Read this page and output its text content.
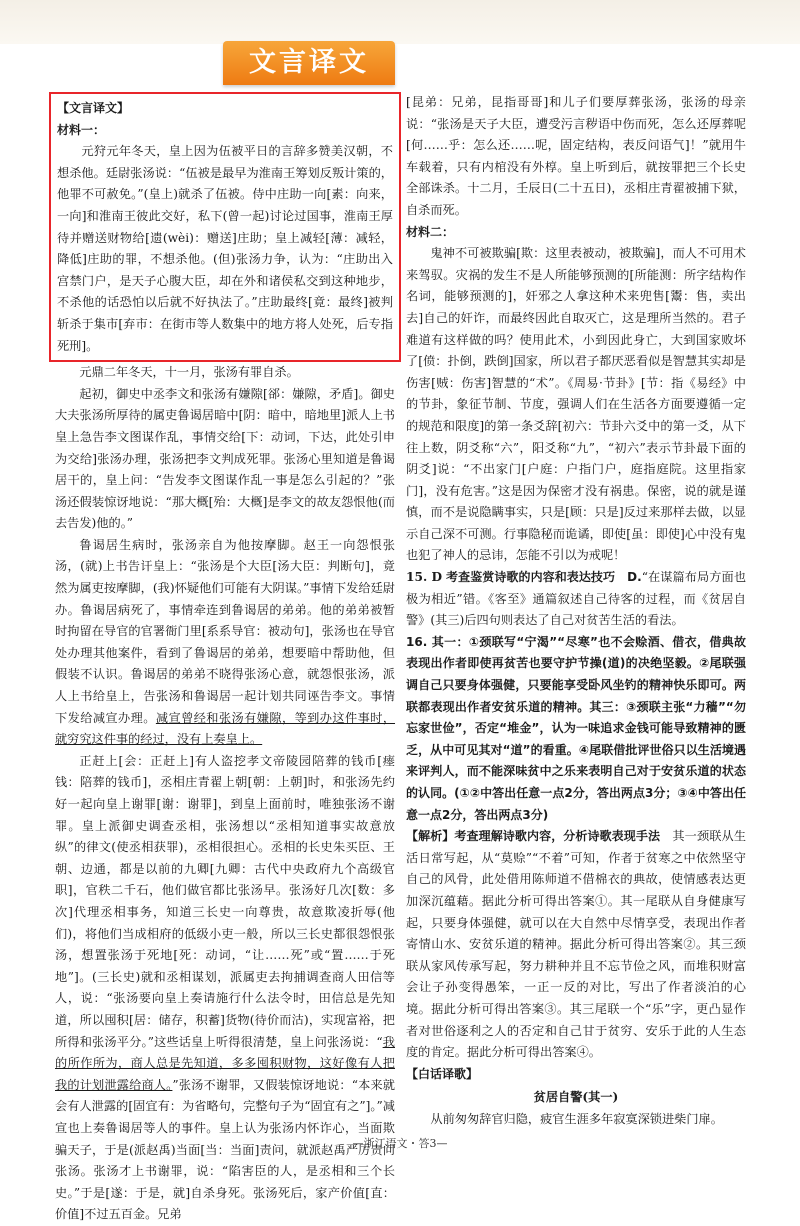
文言译文

【文言译文】

材料一：

元狩元年冬天，皇上因为伍被平日的言辞多赞美汉朝，不想杀他。廷尉张汤说：“伍被是最早为淮南王筹划反叛计策的，他罪不可赦免。”(皇上)就杀了伍被。侍中庄助一向[素：向来，一向]和淮南王彼此交好，私下(曾一起)讨论过国事，淮南王厚待并赠送财物给[遗(wèi)：赠送]庄助；皇上减轻[薄：减轻，降低]庄助的罪，不想杀他。(但)张汤力争，认为：“庄助出入宫禁门户，是天子心腹大臣，却在外和诸侯私交到这种地步，不杀他的话恐怕以后就不好执法了。”庄助最终[竟：最终]被判斩杀于集市[弃市：在街市等人数集中的地方将人处死，后专指死刑]。

元鼎二年冬天，十一月，张汤有罪自杀。

起初，御史中丞李文和张汤有嫌隙[郤：嫌隙，矛盾]。御史大夫张汤所厚待的属吏鲁谒居暗中[阴：暗中，暗地里]派人上书皇上急告李文图谋作乱，事情交给[下：动词，下达，此处引申为交给]张汤办理，张汤把李文判成死罪。张汤心里知道是鲁谒居干的，皇上问：“告发李文图谋作乱一事是怎么引起的？”张汤还假装惊讶地说：“那大概[殆：大概]是李文的故友怨恨他(而去告发)他的。”

鲁谒居生病时，张汤亲自为他按摩脚。赵王一向怨恨张汤，(就)上书告讦皇上：“张汤是个大臣[汤大臣：判断句]，竟然为属吏按摩脚，(我)怀疑他们可能有大阴谋。”事情下发给廷尉办。鲁谒居病死了，事情牵连到鲁谒居的弟弟。他的弟弟被暂时拘留在导官的官署衙门里[系系导官：被动句]，张汤也在导官处办理其他案件，看到了鲁谒居的弟弟，想要暗中帮助他，但假装不认识。鲁谒居的弟弟不晓得张汤心意，就怨恨张汤，派人上书给皇上，告张汤和鲁谒居一起计划共同诬告李文。事情下发给减宣办理。减宣曾经和张汤有嫌隙，等到办这件事时，就穷究这件事的经过，没有上奏皇上。

正赶上[会：正赶上]有人盗挖孝文帝陵园陪葬的钱币[瘗钱：陪葬的钱币]，丞相庄青翟上朝[朝：上朝]时，和张汤先约好一起向皇上谢罪[谢：谢罪]，到皇上面前时，唯独张汤不谢罪。皇上派御史调查丞相，张汤想以“丞相知道事实故意放纵”的律文(使丞相获罪)，丞相很担心。丞相的长史朱买臣、王朝、边通，都是以前的九卿[九卿：古代中央政府九个高级官职]，官秩二千石，他们做官都比张汤早。张汤好几次[数：多次]代理丞相事务，知道三长史一向尊贵，故意欺凌折辱(他们)，将他们当成相府的低级小吏一般，所以三长史都很怨恨张汤，想置张汤于死地[死：动词，“让……死”或“置……于死地”]。(三长史)就和丞相谋划，派属吏去拘捕调查商人田信等人，说：“张汤要向皇上奏请施行什么法令时，田信总是先知道，所以囤积[居：储存，积蓄]货物(待价而沽)，实现富裕，把所得和张汤平分。”这些话皇上听得很清楚，皇上问张汤说：“我的所作所为，商人总是先知道，多多囤积财物，这好像有人把我的计划泄露给商人。”张汤不谢罪，又假装惊讶地说：“本来就会有人泄露的[固宜有：为省略句，完整句子为“固宜有之”]。”减宣也上奏鲁谒居等人的事件。皇上认为张汤内怀诈心，当面欺骗天子，于是(派赵禹)当面[当：当面]责问，就派赵禹严厉责问张汤。张汤才上书谢罪，说：“陷害臣的人，是丞相和三个长史。”于是[遂：于是，就]自杀身死。张汤死后，家产价值[直：价值]不过五百金。兄弟

[昆弟：兄弟，昆指哥哥]和儿子们要厚葬张汤，张汤的母亲说：“张汤是天子大臣，遭受污言秽语中伤而死，怎么还厚葬呢[何……乎：怎么还……呢，固定结构，表反问语气]！”就用牛车载着，只有内棺没有外椁。皇上听到后，就按罪把三个长史全部诛杀。十二月，壬辰日(二十五日)，丞相庄青翟被捕下狱，自杀而死。

材料二：

鬼神不可被欺骗[欺：这里表被动，被欺骗]，而人不可用术来驾驭。灾祸的发生不是人所能够预测的[所能测：所字结构作名词，能够预测的]，奸邪之人拿这种术来兜售[鬻：售，卖出去]自己的奸诈，而最终因此自取灭亡，这是理所当然的。君子难道有这样做的吗？使用此术，小到因此身亡，大到国家败坏了[偾：扑倒，跌倒]国家，所以君子都厌恶看似是智慧其实却是伤害[贼：伤害]智慧的“术”。《周易·节卦》[节：指《易经》中的节卦，象征节制、节度，强调人们在生活各方面要遵循一定的规范和限度]的第一条爻辞[初六：节卦六爻中的第一爻，从下往上数，阴爻称“六”，阳爻称“九”，“初六”表示节卦最下面的阴爻]说：“不出家门[户庭：户指门户，庭指庭院。这里指家门]，没有危害。”这是因为保密才没有祸患。保密，说的就是谨慎，而不是说隐瞒事实，只是[顾：只是]反过来那样去做，以显示自己深不可测。行事隐秘而诡谲，即使[虽：即使]心中没有鬼也犯了神人的忌讳，怎能不引以为戒呢！

15. D 考查鉴赏诗歌的内容和表达技巧　D.“在谋篇布局方面也极为相近”错。《客至》通篇叙述自己待客的过程，而《贫居自警》(其三)后四句则表达了自己对贫苦生活的看法。

16. 其一：①颈联写“宁渴”“尽寒”也不会赊酒、借衣，借典故表现出作者即使再贫苦也要守护节操(道)的决绝坚毅。②尾联强调自己只要身体强健，只要能享受卧风坐钓的精神快乐即可。两联都表现出作者安贫乐道的精神。其三：③颈联主张“力穑”“勿忘家世俭”，否定“堆金”，认为一味追求金钱可能导致精神的匮乏，从中可见其对“道”的看重。④尾联借批评世俗只以生活境遇来评判人，而不能深味贫中之乐来表明自己对于安贫乐道的状态的认同。(①②中答出任意一点2分，答出两点3分；③④中答出任意一点2分，答出两点3分)

【解析】考查理解诗歌内容，分析诗歌表现手法　 其一颈联从生活日常写起，从“莫赊”“不着”可知，作者于贫寒之中依然坚守自己的风骨，此处借用陈师道不借棉衣的典故，使情感表达更加深沉蕴藉。据此分析可得出答案①。其一尾联从自身健康写起，只要身体强健，就可以在大自然中尽情享受，表现出作者寄情山水、安贫乐道的精神。据此分析可得出答案②。其三颈联从家风传承写起，努力耕种并且不忘节俭之风，而堆积财富会让子孙变得愚笨，一正一反的对比，写出了作者淡泊的心境。据此分析可得出答案③。其三尾联一个“乐”字，更凸显作者对世俗逐利之人的否定和自己甘于贫穷、安乐于此的人生态度的肯定。据此分析可得出答案④。

【白话译歌】

贫居自警(其一)

从前匆匆辞官归隐，疲官生涯多年寂寞深锁进柴门扉。

—浙江语文・答3—
